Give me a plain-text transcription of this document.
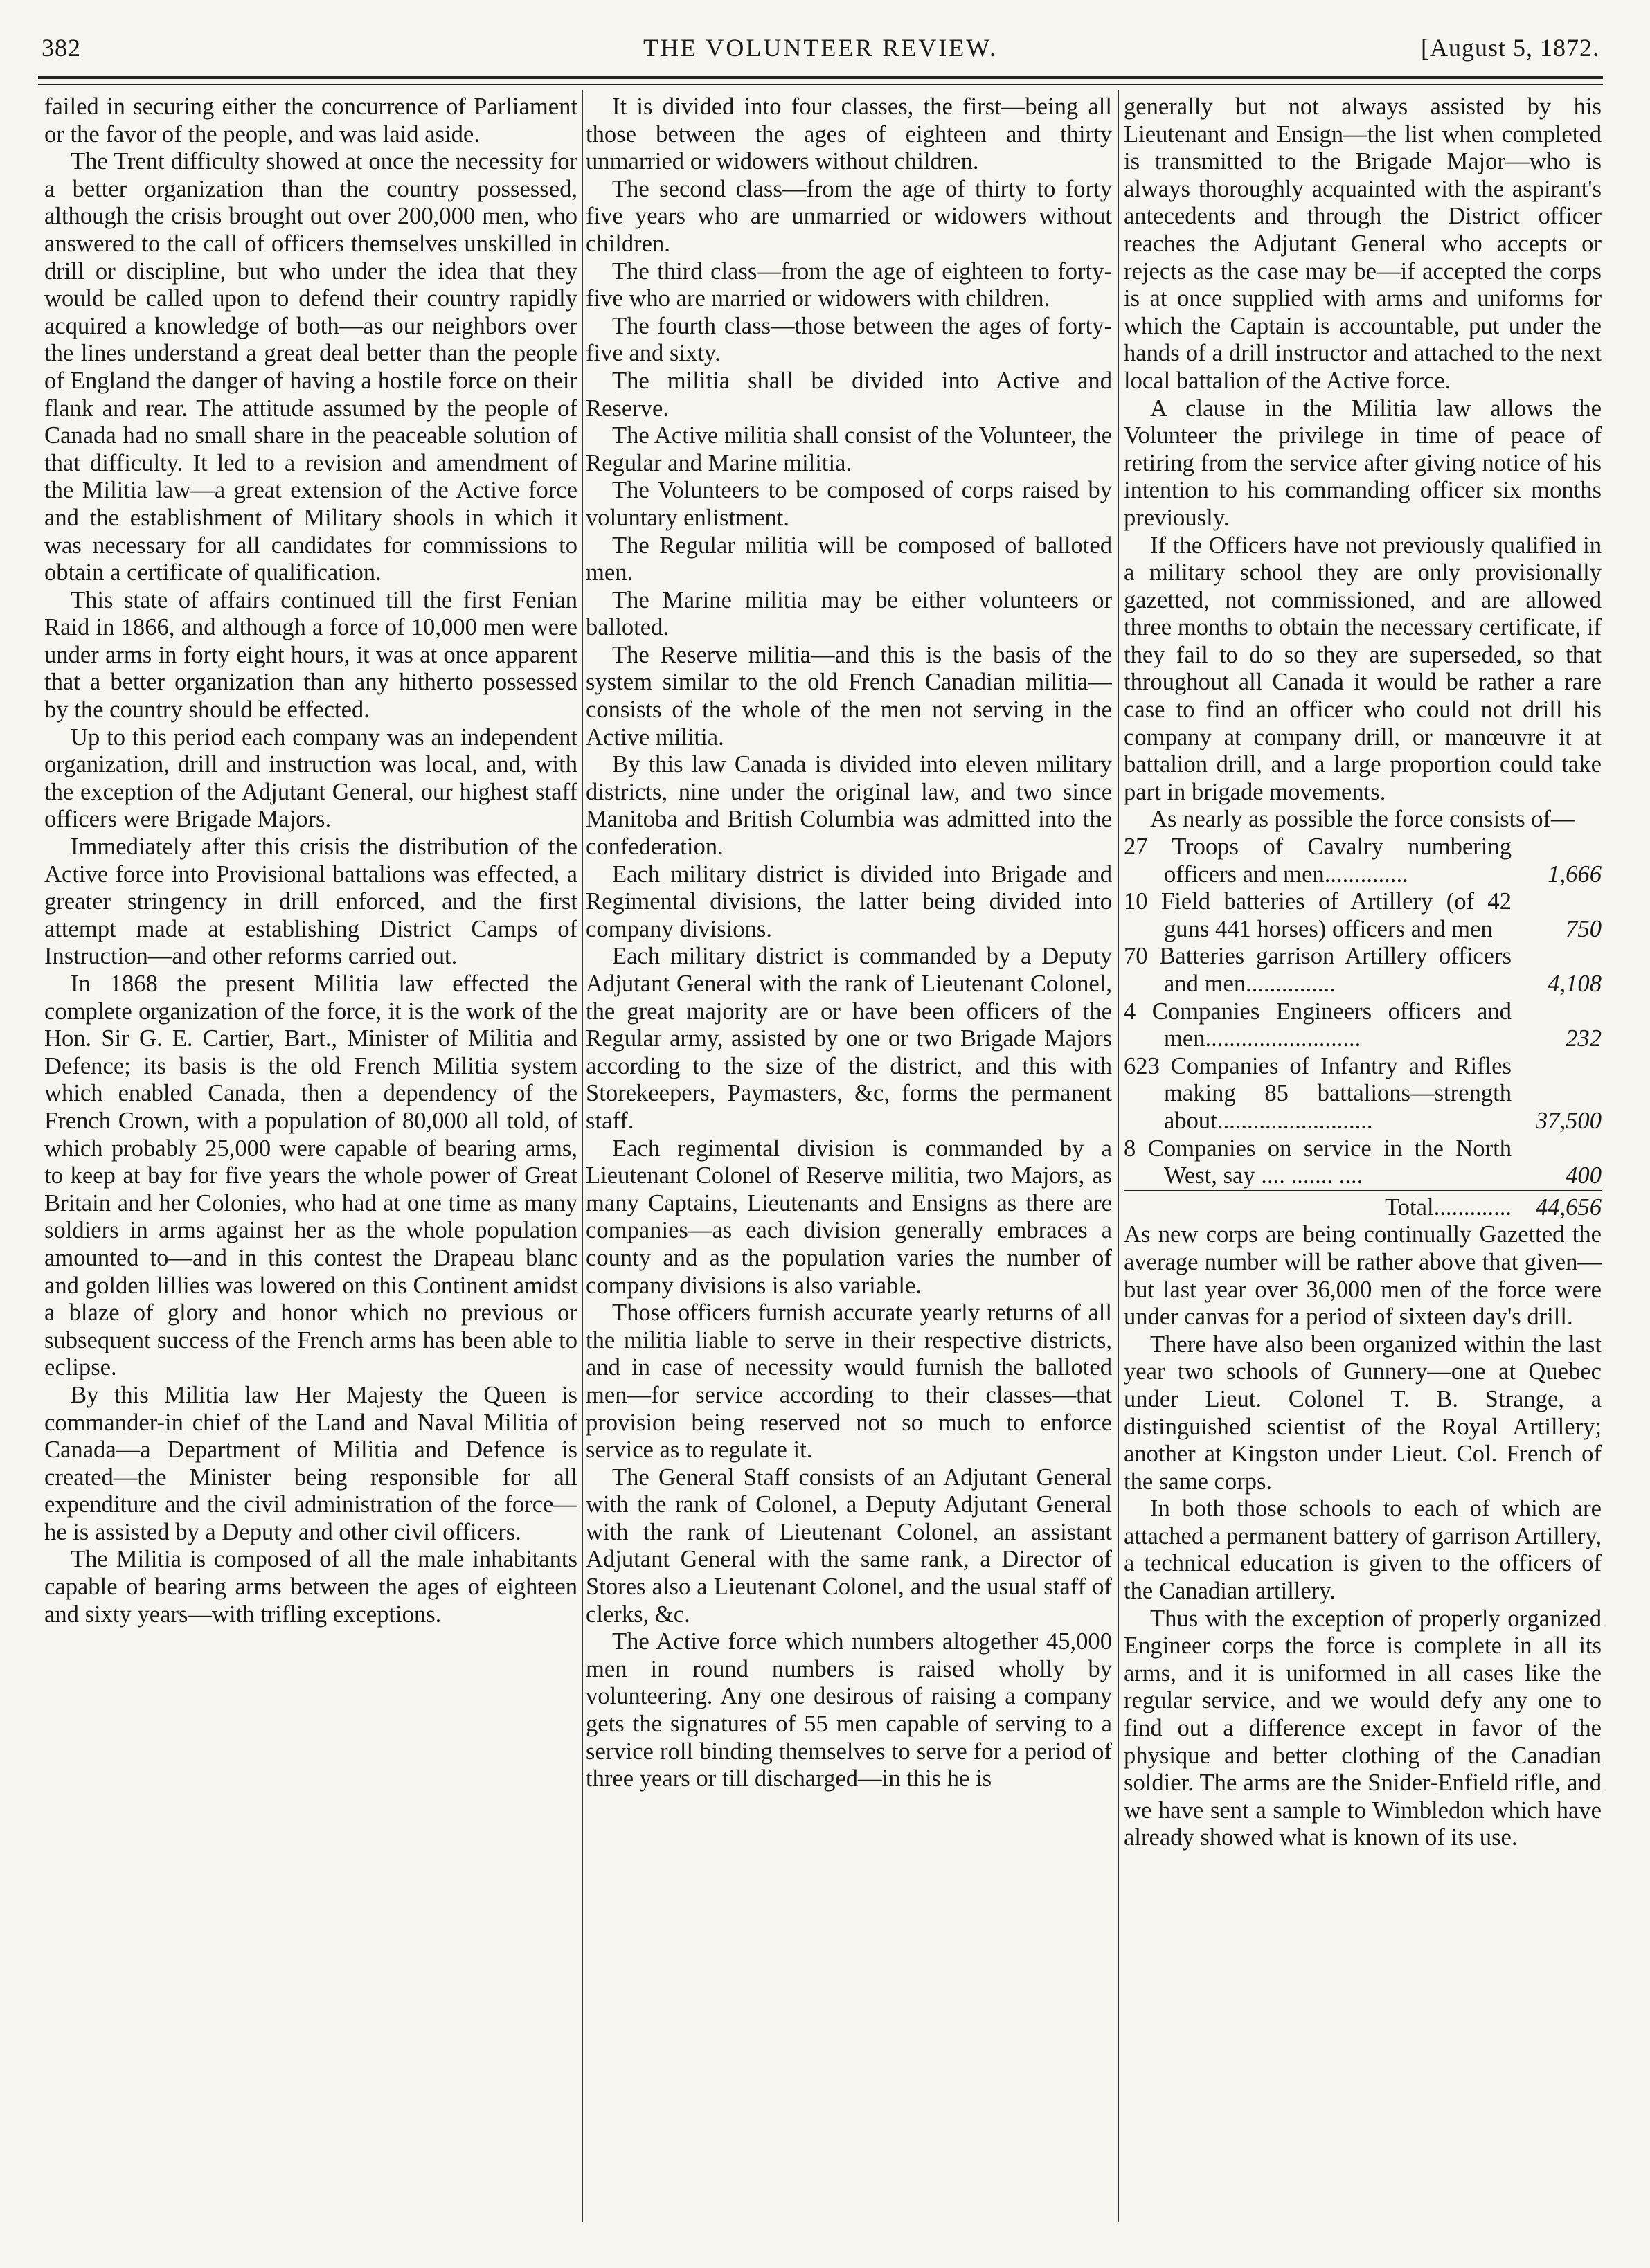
382	THE VOLUNTEER REVIEW.	[August 5, 1872.

failed in securing either the concurrence of Parliament or the favor of the people, and was laid aside.

The Trent difficulty showed at once the necessity for a better organization than the country possessed, although the crisis brought out over 200,000 men, who answered to the call of officers themselves unskilled in drill or discipline, but who under the idea that they would be called upon to defend their country rapidly acquired a knowledge of both—as our neighbors over the lines understand a great deal better than the people of England the danger of having a hostile force on their flank and rear. The attitude assumed by the people of Canada had no small share in the peaceable solution of that difficulty. It led to a revision and amendment of the Militia law—a great extension of the Active force and the establishment of Military shools in which it was necessary for all candidates for commissions to obtain a certificate of qualification.

This state of affairs continued till the first Fenian Raid in 1866, and although a force of 10,000 men were under arms in forty eight hours, it was at once apparent that a better organization than any hitherto possessed by the country should be effected.

Up to this period each company was an independent organization, drill and instruction was local, and, with the exception of the Adjutant General, our highest staff officers were Brigade Majors.

Immediately after this crisis the distribution of the Active force into Provisional battalions was effected, a greater stringency in drill enforced, and the first attempt made at establishing District Camps of Instruction—and other reforms carried out.

In 1868 the present Militia law effected the complete organization of the force, it is the work of the Hon. Sir G. E. Cartier, Bart., Minister of Militia and Defence; its basis is the old French Militia system which enabled Canada, then a dependency of the French Crown, with a population of 80,000 all told, of which probably 25,000 were capable of bearing arms, to keep at bay for five years the whole power of Great Britain and her Colonies, who had at one time as many soldiers in arms against her as the whole population amounted to—and in this contest the Drapeau blanc and golden lillies was lowered on this Continent amidst a blaze of glory and honor which no previous or subsequent success of the French arms has been able to eclipse.

By this Militia law Her Majesty the Queen is commander-in chief of the Land and Naval Militia of Canada—a Department of Militia and Defence is created—the Minister being responsible for all expenditure and the civil administration of the force—he is assisted by a Deputy and other civil officers.

The Militia is composed of all the male inhabitants capable of bearing arms between the ages of eighteen and sixty years—with trifling exceptions.

It is divided into four classes, the first—being all those between the ages of eighteen and thirty unmarried or widowers without children.

The second class—from the age of thirty to forty five years who are unmarried or widowers without children.

The third class—from the age of eighteen to forty-five who are married or widowers with children.

The fourth class—those between the ages of forty-five and sixty.

The militia shall be divided into Active and Reserve.

The Active militia shall consist of the Volunteer, the Regular and Marine militia.

The Volunteers to be composed of corps raised by voluntary enlistment.

The Regular militia will be composed of balloted men.

The Marine militia may be either volunteers or balloted.

The Reserve militia—and this is the basis of the system similar to the old French Canadian militia—consists of the whole of the men not serving in the Active militia.

By this law Canada is divided into eleven military districts, nine under the original law, and two since Manitoba and British Columbia was admitted into the confederation.

Each military district is divided into Brigade and Regimental divisions, the latter being divided into company divisions.

Each military district is commanded by a Deputy Adjutant General with the rank of Lieutenant Colonel, the great majority are or have been officers of the Regular army, assisted by one or two Brigade Majors according to the size of the district, and this with Storekeepers, Paymasters, &c, forms the permanent staff.

Each regimental division is commanded by a Lieutenant Colonel of Reserve militia, two Majors, as many Captains, Lieutenants and Ensigns as there are companies—as each division generally embraces a county and as the population varies the number of company divisions is also variable.

Those officers furnish accurate yearly returns of all the militia liable to serve in their respective districts, and in case of necessity would furnish the balloted men—for service according to their classes—that provision being reserved not so much to enforce service as to regulate it.

The General Staff consists of an Adjutant General with the rank of Colonel, a Deputy Adjutant General with the rank of Lieutenant Colonel, an assistant Adjutant General with the same rank, a Director of Stores also a Lieutenant Colonel, and the usual staff of clerks, &c.

The Active force which numbers altogether 45,000 men in round numbers is raised wholly by volunteering. Any one desirous of raising a company gets the signatures of 55 men capable of serving to a service roll binding themselves to serve for a period of three years or till discharged—in this he is

generally but not always assisted by his Lieutenant and Ensign—the list when completed is transmitted to the Brigade Major—who is always thoroughly acquainted with the aspirant's antecedents and through the District officer reaches the Adjutant General who accepts or rejects as the case may be—if accepted the corps is at once supplied with arms and uniforms for which the Captain is accountable, put under the hands of a drill instructor and attached to the next local battalion of the Active force.

A clause in the Militia law allows the Volunteer the privilege in time of peace of retiring from the service after giving notice of his intention to his commanding officer six months previously.

If the Officers have not previously qualified in a military school they are only provisionally gazetted, not commissioned, and are allowed three months to obtain the necessary certificate, if they fail to do so they are superseded, so that throughout all Canada it would be rather a rare case to find an officer who could not drill his company at company drill, or manœuvre it at battalion drill, and a large proportion could take part in brigade movements.

As nearly as possible the force consists of—

27 Troops of Cavalry numbering officers and men..............	1,666
10 Field batteries of Artillery (of 42 guns 441 horses) officers and men	750
70 Batteries garrison Artillery officers and men...............	4,108
4 Companies Engineers officers and men..........................	232
623 Companies of Infantry and Rifles making 85 battalions—strength about..........................	37,500
8 Companies on service in the North West, say .... ....... ....	400

Total.............	44,656

As new corps are being continually Gazetted the average number will be rather above that given—but last year over 36,000 men of the force were under canvas for a period of sixteen day's drill.

There have also been organized within the last year two schools of Gunnery—one at Quebec under Lieut. Colonel T. B. Strange, a distinguished scientist of the Royal Artillery; another at Kingston under Lieut. Col. French of the same corps.

In both those schools to each of which are attached a permanent battery of garrison Artillery, a technical education is given to the officers of the Canadian artillery.

Thus with the exception of properly organized Engineer corps the force is complete in all its arms, and it is uniformed in all cases like the regular service, and we would defy any one to find out a difference except in favor of the physique and better clothing of the Canadian soldier. The arms are the Snider-Enfield rifle, and we have sent a sample to Wimbledon which have already showed what is known of its use.
